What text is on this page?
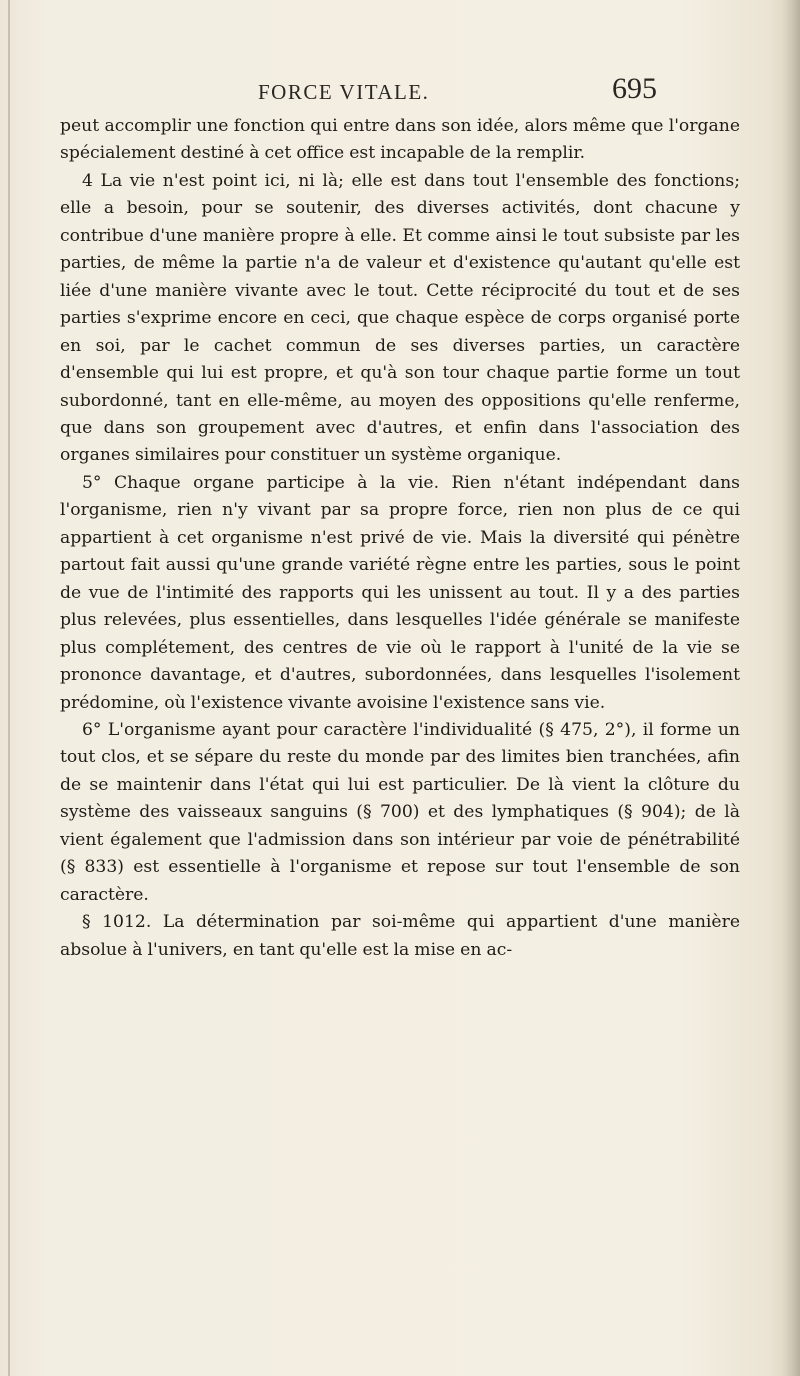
FORCE VITALE.	695

peut accomplir une fonction qui entre dans son idée, alors même que l'organe spécialement destiné à cet office est incapable de la remplir.

4 La vie n'est point ici, ni là; elle est dans tout l'ensemble des fonctions; elle a besoin, pour se soutenir, des diverses activités, dont chacune y contribue d'une manière propre à elle. Et comme ainsi le tout subsiste par les parties, de même la partie n'a de valeur et d'existence qu'autant qu'elle est liée d'une manière vivante avec le tout. Cette réciprocité du tout et de ses parties s'exprime encore en ceci, que chaque espèce de corps organisé porte en soi, par le cachet commun de ses diverses parties, un caractère d'ensemble qui lui est propre, et qu'à son tour chaque partie forme un tout subordonné, tant en elle-même, au moyen des oppositions qu'elle renferme, que dans son groupement avec d'autres, et enfin dans l'association des organes similaires pour constituer un système organique.

5° Chaque organe participe à la vie. Rien n'étant indépendant dans l'organisme, rien n'y vivant par sa propre force, rien non plus de ce qui appartient à cet organisme n'est privé de vie. Mais la diversité qui pénètre partout fait aussi qu'une grande variété règne entre les parties, sous le point de vue de l'intimité des rapports qui les unissent au tout. Il y a des parties plus relevées, plus essentielles, dans lesquelles l'idée générale se manifeste plus complétement, des centres de vie où le rapport à l'unité de la vie se prononce davantage, et d'autres, subordonnées, dans lesquelles l'isolement prédomine, où l'existence vivante avoisine l'existence sans vie.

6° L'organisme ayant pour caractère l'individualité (§ 475, 2°), il forme un tout clos, et se sépare du reste du monde par des limites bien tranchées, afin de se maintenir dans l'état qui lui est particulier. De là vient la clôture du système des vaisseaux sanguins (§ 700) et des lymphatiques (§ 904); de là vient également que l'admission dans son intérieur par voie de pénétrabilité (§ 833) est essentielle à l'organisme et repose sur tout l'ensemble de son caractère.

§ 1012. La détermination par soi-même qui appartient d'une manière absolue à l'univers, en tant qu'elle est la mise en ac-
